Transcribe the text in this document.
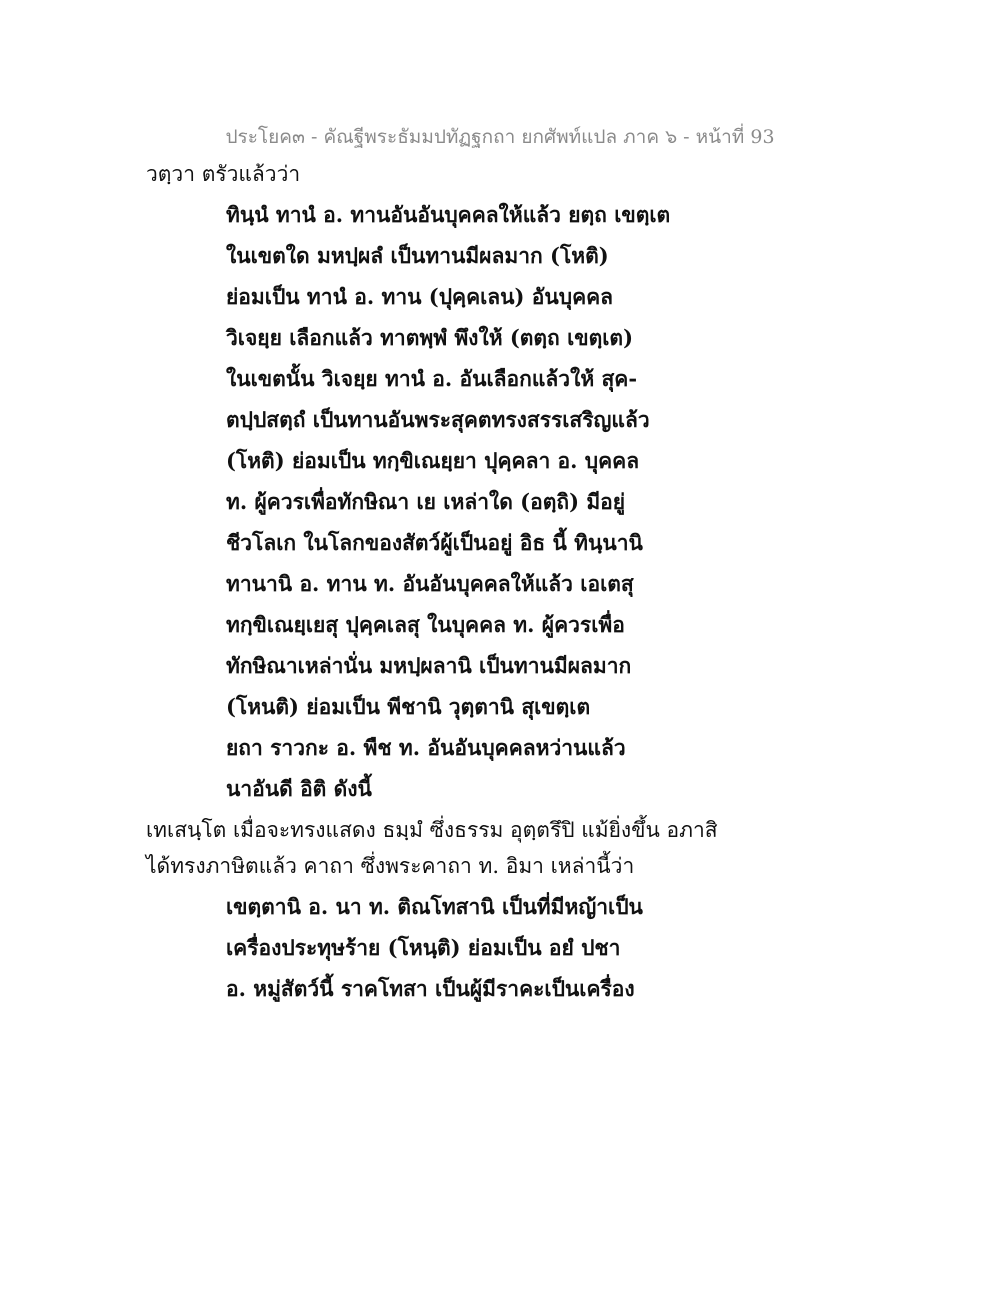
ประโยค๓ - คัณฐีพระธัมมปทัฏฐกถา ยกศัพท์แปล ภาค ๖ - หน้าที่ 93
วตฺวา ตรัวแล้วว่า
ทินฺนํ ทานํ อ. ทานอันอันบุคคลให้แล้ว ยตฺถ เขตฺเต
ในเขตใด มหปฺผลํ เป็นทานมีผลมาก (โหติ)
ย่อมเป็น ทานํ อ. ทาน (ปุคฺคเลน) อันบุคคล
วิเจยฺย เลือกแล้ว ทาตพฺพํ พึงให้ (ตตฺถ เขตฺเต)
ในเขตนั้น วิเจยฺย ทานํ อ. อันเลือกแล้วให้ สุค-
ตปฺปสตฺถํ เป็นทานอันพระสุคตทรงสรรเสริญแล้ว
(โหติ) ย่อมเป็น ทกฺขิเณยฺยา ปุคฺคลา อ. บุคคล
ท. ผู้ควรเพื่อทักษิณา เย เหล่าใด (อตฺถิ) มีอยู่
ชีวโลเก ในโลกของสัตว์ผู้เป็นอยู่ อิธ นี้ ทินฺนานิ
ทานานิ อ. ทาน ท. อันอันบุคคลให้แล้ว เอเตสุ
ทกฺขิเณยฺเยสุ ปุคฺคเลสุ ในบุคคล ท. ผู้ควรเพื่อ
ทักษิณาเหล่านั่น มหปฺผลานิ เป็นทานมีผลมาก
(โหนติ) ย่อมเป็น พีชานิ วุตฺตานิ สุเขตฺเต
ยถา ราวกะ อ. พืช ท. อันอันบุคคลหว่านแล้ว
นาอันดี อิติ ดังนี้
เทเสนฺโต เมื่อจะทรงแสดง ธมฺมํ ซึ่งธรรม อุตฺตรึปิ แม้ยิ่งขึ้น อภาสิ
ได้ทรงภาษิตแล้ว คาถา ซึ่งพระคาถา ท. อิมา เหล่านี้ว่า
เขตฺตานิ อ. นา ท. ติณโทสานิ เป็นที่มีหญ้าเป็น
เครื่องประทุษร้าย (โหนฺติ) ย่อมเป็น อยํ ปชา
อ. หมู่สัตว์นี้ ราคโทสา เป็นผู้มีราคะเป็นเครื่อง
